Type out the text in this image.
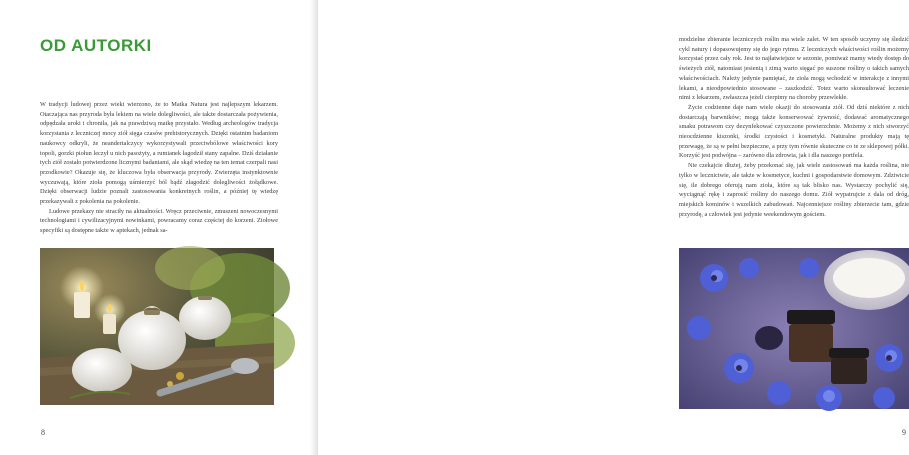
OD AUTORKI

W tradycji ludowej przez wieki wierzono, że to Matka Natura jest najlepszym lekarzem. Otaczająca nas przyroda była lekiem na wiele dolegliwości, ale także dostarczała pożywienia, odpędzała uroki i chroniła, jak na prawdziwą matkę przystało. Według archeologów tradycja korzystania z leczniczej mocy ziół sięga czasów prehistorycznych. Dzięki ostatnim badaniom naukowcy odkryli, że neandertalczycy wykorzystywali przeciwbólowe właściwości kory topoli, gorzki piołun leczył u nich pasożyty, a rumianek łagodził stany zapalne. Dziś działanie tych ziół zostało potwierdzone licznymi badaniami, ale skąd wiedzę na ten temat czerpali nasi przodkowie? Okazuje się, że kluczowa była obserwacja przyrody. Zwierzęta instynktownie wyczuwają, które zioła pomogą uśmierzyć ból bądź złagodzić dolegliwości żołądkowe. Dzięki obserwacji ludzie poznali zastosowania konkretnych roślin, a później tę wiedzę przekazywali z pokolenia na pokolenie.

Ludowe przekazy nie straciły na aktualności. Wręcz przeciwnie, zmuszeni nowoczesnymi technologiami i cywilizacyjnymi nowinkami, powracamy coraz częściej do korzeni. Ziołowe specyfiki są dostępne także w aptekach, jednak sa-

8

modzielne zbieranie leczniczych roślin ma wiele zalet. W ten sposób uczymy się śledzić cykl natury i dopasowujemy się do jego rytmu. Z leczniczych właściwości roślin możemy korzystać przez cały rok. Jest to najłatwiejsze w sezonie, pomiważ mamy wtedy dostęp do świeżych ziół, natomiast jesienią i zimą warto sięgać po suszone rośliny o takich samych właściwościach. Należy jedynie pamiętać, że zioła mogą wchodzić w interakcje z innymi lekami, a nieodpowiednio stosowane – zaszkodzić. Totez warto skonsultować leczenie nimi z lekarzem, zwłaszcza jeżeli cierpimy na choroby przewlekłe.

Życie codzienne daje nam wiele okazji do stosowania ziół. Od dziś niektóre z nich dostarczają barwników; mogą także konserwować żywność, dodawać aromatycznego smaku potrawom czy dezynfekować czyszczone powierzchnie. Możemy z nich stworzyć nieocdzienne kiszonki, środki czystości i kosmetyki. Naturalne produkty mają tę przewagę, że są w pełni bezpieczne, a przy tym równie skuteczne co te ze sklepowej półki. Korzyść jest podwójna – zarówno dla zdrowia, jak i dla naszego portfela.

Nie czekajcie dłużej, żeby przekonać się, jak wiele zastosowań ma każda roślina, nie tylko w lecznictwie, ale także w kosmetyce, kuchni i gospodarstwie domowym. Zdziwicie się, ile dobrego oferują nam zioła, które są tak blisko nas. Wystarczy pochylić się, wyciągnąć rękę i zaprosić rośliny do naszego domu. Ziół wypatrujcie z dala od dróg, miejskich kominów i wszelkich zabudowań. Najcenniejsze rośliny zbierzecie tam, gdzie przyrodę, a człowiek jest jedynie weekendowym gościem.

9
